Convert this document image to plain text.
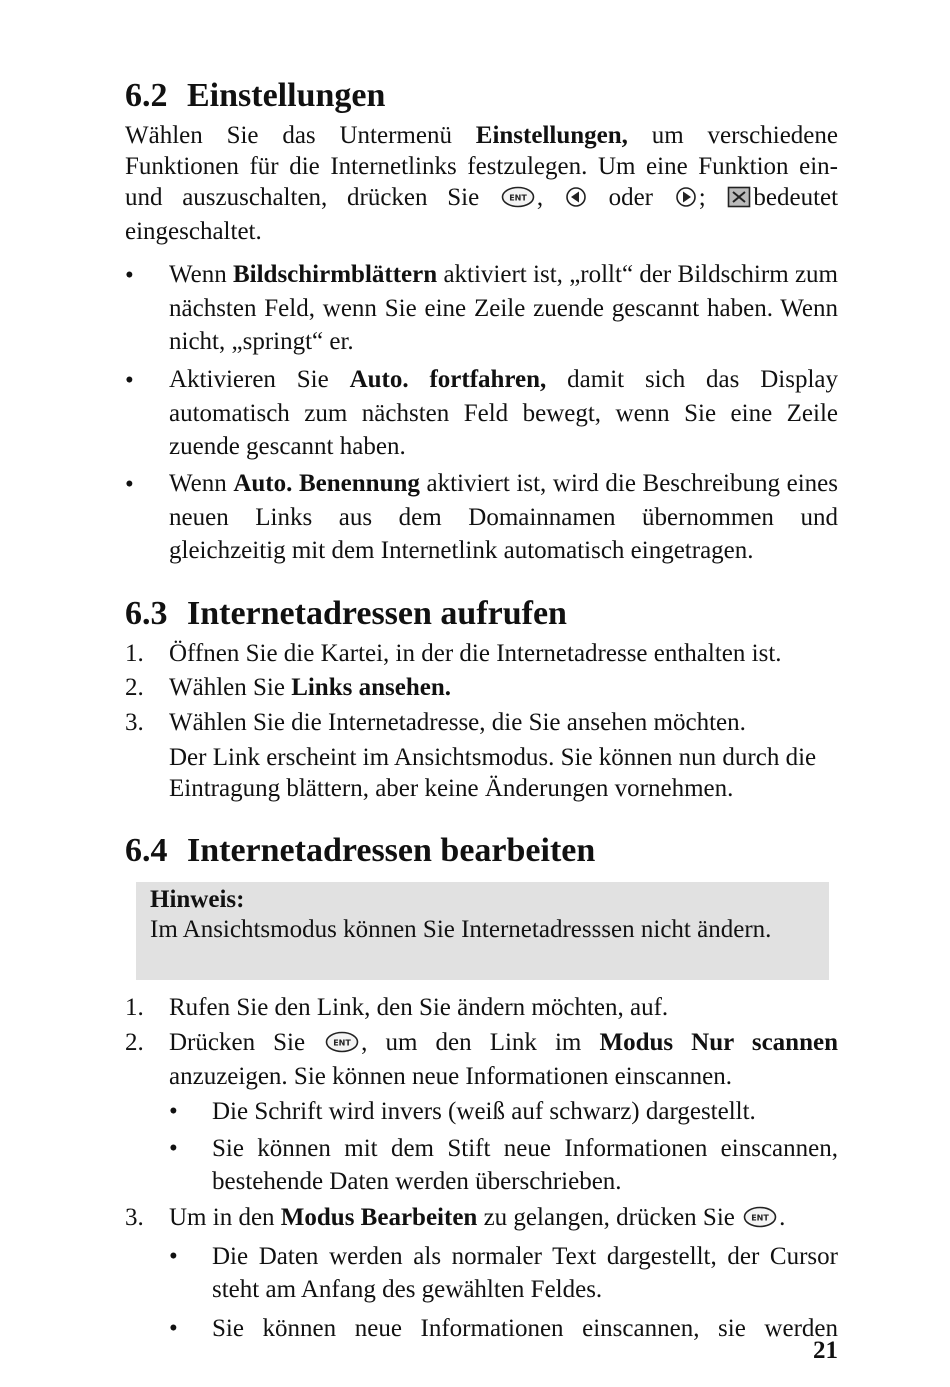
6.2 Einstellungen
Wählen Sie das Untermenü Einstellungen, um verschiedene Funktionen für die Internetlinks festzulegen. Um eine Funktion ein- und auszuschalten, drücken Sie ENT ,	oder ; bedeutet eingeschaltet.
• Wenn Bildschirmblättern aktiviert ist, „rollt“ der Bildschirm zum nächsten Feld, wenn Sie eine Zeile zuende gescannt haben. Wenn nicht, „springt“ er.
• Aktivieren Sie Auto. fortfahren, damit sich das Display automatisch zum nächsten Feld bewegt, wenn Sie eine Zeile zuende gescannt haben.
• Wenn Auto. Benennung aktiviert ist, wird die Beschreibung eines neuen Links aus dem Domainnamen übernommen und gleichzeitig mit dem Internetlink automatisch eingetragen.
6.3 Internetadressen aufrufen
1. Öffnen Sie die Kartei, in der die Internetadresse enthalten ist.
2. Wählen Sie Links ansehen.
3. Wählen Sie die Internetadresse, die Sie ansehen möchten.
Der Link erscheint im Ansichtsmodus. Sie können nun durch die Eintragung blättern, aber keine Änderungen vornehmen.
6.4 Internetadressen bearbeiten
Hinweis:
Im Ansichtsmodus können Sie Internetadresssen nicht ändern.
1. Rufen Sie den Link, den Sie ändern möchten, auf.
2. Drücken Sie ENT , um den Link im Modus Nur scannen anzuzeigen. Sie können neue Informationen einscannen.
• Die Schrift wird invers (weiß auf schwarz) dargestellt.
• Sie können mit dem Stift neue Informationen einscannen, bestehende Daten werden überschrieben.
3. Um in den Modus Bearbeiten zu gelangen, drücken Sie ENT .
• Die Daten werden als normaler Text dargestellt, der Cursor steht am Anfang des gewählten Feldes.
• Sie können neue Informationen einscannen, sie werden
21
